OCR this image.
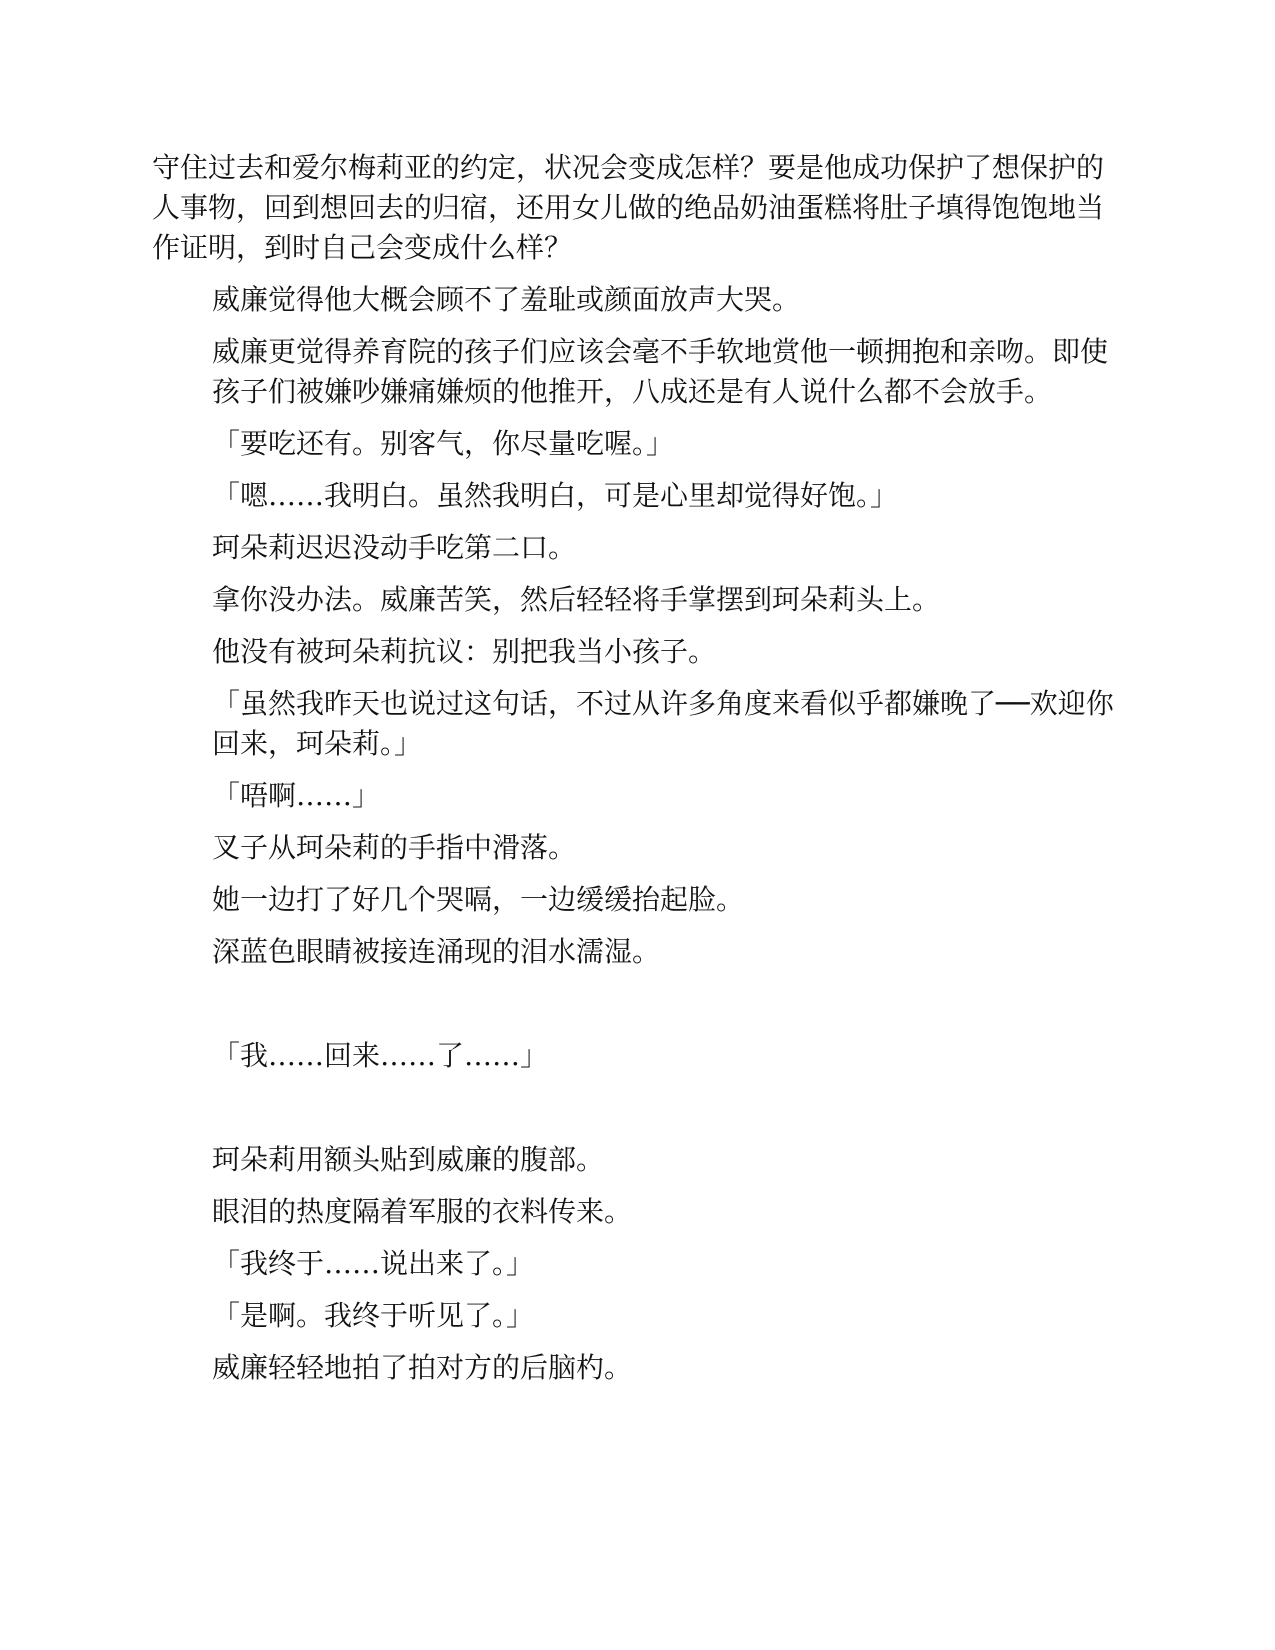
守住过去和爱尔梅莉亚的约定，状况会变成怎样？要是他成功保护了想保护的人事物，回到想回去的归宿，还用女儿做的绝品奶油蛋糕将肚子填得饱饱地当作证明，到时自己会变成什么样？

威廉觉得他大概会顾不了羞耻或颜面放声大哭。

威廉更觉得养育院的孩子们应该会毫不手软地赏他一顿拥抱和亲吻。即使孩子们被嫌吵嫌痛嫌烦的他推开，八成还是有人说什么都不会放手。

「要吃还有。别客气，你尽量吃喔。」

「嗯……我明白。虽然我明白，可是心里却觉得好饱。」

珂朵莉迟迟没动手吃第二口。

拿你没办法。威廉苦笑，然后轻轻将手掌摆到珂朵莉头上。

他没有被珂朵莉抗议：别把我当小孩子。

「虽然我昨天也说过这句话，不过从许多角度来看似乎都嫌晚了──欢迎你回来，珂朵莉。」

「唔啊……」

叉子从珂朵莉的手指中滑落。

她一边打了好几个哭嗝，一边缓缓抬起脸。

深蓝色眼睛被接连涌现的泪水濡湿。

「我……回来……了……」

珂朵莉用额头贴到威廉的腹部。

眼泪的热度隔着军服的衣料传来。

「我终于……说出来了。」

「是啊。我终于听见了。」

威廉轻轻地拍了拍对方的后脑杓。
